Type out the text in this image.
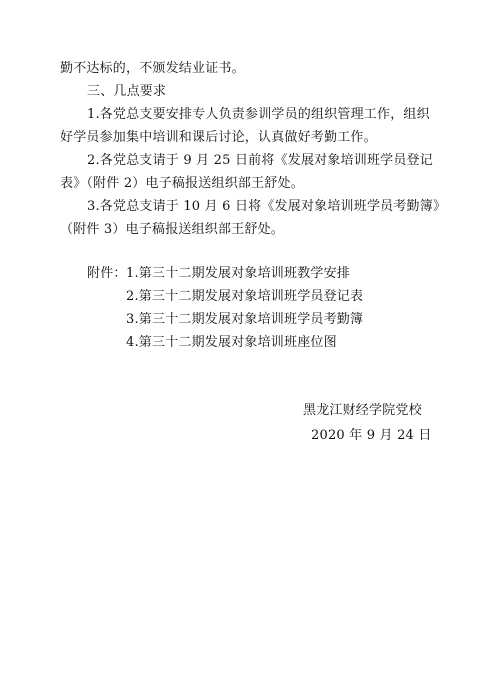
勤不达标的，不颁发结业证书。
三、几点要求
1.各党总支要安排专人负责参训学员的组织管理工作，组织
好学员参加集中培训和课后讨论，认真做好考勤工作。
2.各党总支请于 9 月 25 日前将《发展对象培训班学员登记
表》（附件 2）电子稿报送组织部王舒处。
3.各党总支请于 10 月 6 日将《发展对象培训班学员考勤簿》
（附件 3）电子稿报送组织部王舒处。
附件： 1.第三十二期发展对象培训班教学安排
2.第三十二期发展对象培训班学员登记表
3.第三十二期发展对象培训班学员考勤簿
4.第三十二期发展对象培训班座位图
黑龙江财经学院党校
2020 年 9 月 24 日
